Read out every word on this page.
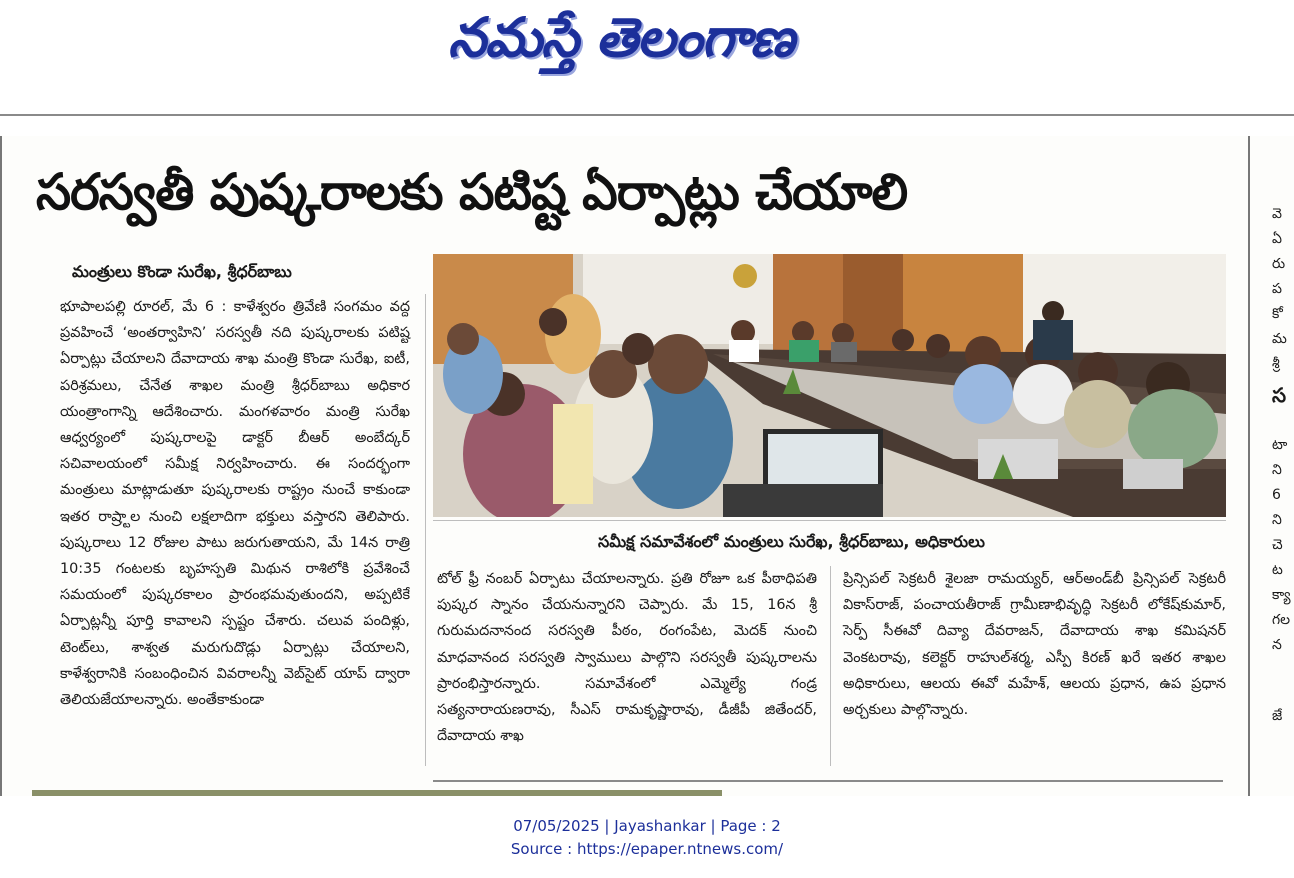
నమస్తే తెలంగాణ
సరస్వతీ పుష్కరాలకు పటిష్ట ఏర్పాట్లు చేయాలి
మంత్రులు కొండా సురేఖ, శ్రీధర్‌బాబు
భూపాలపల్లి రూరల్‌, మే 6 : కాళేశ్వరం త్రివేణి సంగమం వద్ద ప్రవహించే ‘అంతర్వాహిని’ సరస్వతీ నది పుష్కరాలకు పటిష్ట ఏర్పాట్లు చేయాలని దేవాదాయ శాఖ మంత్రి కొండా సురేఖ, ఐటీ, పరిశ్రమలు, చేనేత శాఖల మంత్రి శ్రీధర్‌బాబు అధికార యంత్రాంగాన్ని ఆదేశించారు. మంగళవారం మంత్రి సురేఖ ఆధ్వర్యంలో పుష్కరాలపై డాక్టర్‌ బీఆర్‌ అంబేద్కర్‌ సచివాలయంలో సమీక్ష నిర్వహించారు. ఈ సందర్భంగా మంత్రులు మాట్లాడుతూ పుష్కరాలకు రాష్ట్రం నుంచే కాకుండా ఇతర రాష్ర్టాల నుంచి లక్షలాదిగా భక్తులు వస్తారని తెలిపారు. పుష్కరాలు 12 రోజుల పాటు జరుగుతాయని, మే 14న రాత్రి 10:35 గంటలకు బృహస్పతి మిథున రాశిలోకి ప్రవేశించే సమయంలో పుష్కరకాలం ప్రారంభమవుతుందని, అప్పటికే ఏర్పాట్లన్నీ పూర్తి కావాలని స్పష్టం చేశారు. చలువ పందిళ్లు, టెంట్‌లు, శాశ్వత మరుగుదొడ్లు ఏర్పాట్లు చేయాలని, కాళేశ్వరానికి సంబంధించిన వివరాలన్నీ వెబ్‌సైట్‌ యాప్‌ ద్వారా తెలియజేయాలన్నారు. అంతేకాకుండా
సమీక్ష సమావేశంలో మంత్రులు సురేఖ, శ్రీధర్‌బాబు, అధికారులు
టోల్‌ ఫ్రీ నంబర్‌ ఏర్పాటు చేయాలన్నారు. ప్రతి రోజూ ఒక పీఠాధిపతి పుష్కర స్నానం చేయనున్నారని చెప్పారు. మే 15, 16న శ్రీ గురుమదనానంద సరస్వతి పీఠం, రంగంపేట, మెదక్‌ నుంచి మాధవానంద సరస్వతి స్వాములు పాల్గొని సరస్వతీ పుష్కరాలను ప్రారంభిస్తారన్నారు. సమావేశంలో ఎమ్మెల్యే గండ్ర సత్యనారాయణరావు, సీఎస్‌ రామకృష్ణారావు, డీజీపీ జితేందర్‌, దేవాదాయ శాఖ
ప్రిన్సిపల్‌ సెక్రటరీ శైలజా రామయ్యర్‌, ఆర్‌అండ్‌బీ ప్రిన్సిపల్‌ సెక్రటరీ వికాస్‌రాజ్‌, పంచాయతీరాజ్‌ గ్రామీణాభివృద్ధి సెక్రటరీ లోకేష్‌కుమార్‌, సెర్ప్‌ సీఈవో దివ్యా దేవరాజన్‌, దేవాదాయ శాఖ కమిషనర్‌ వెంకటరావు, కలెక్టర్‌ రాహుల్‌శర్మ, ఎస్పీ కిరణ్‌ ఖరే ఇతర శాఖల అధికారులు, ఆలయ ఈవో మహేశ్‌, ఆలయ ప్రధాన, ఉప ప్రధాన అర్చకులు పాల్గొన్నారు.
వె
ఏ
రు
ప
కో
మ
శ్రీ
స
టా
ని
6
ని
చె
ట
క్యా
గల
న
జే
07/05/2025 | Jayashankar | Page : 2
Source : https://epaper.ntnews.com/
